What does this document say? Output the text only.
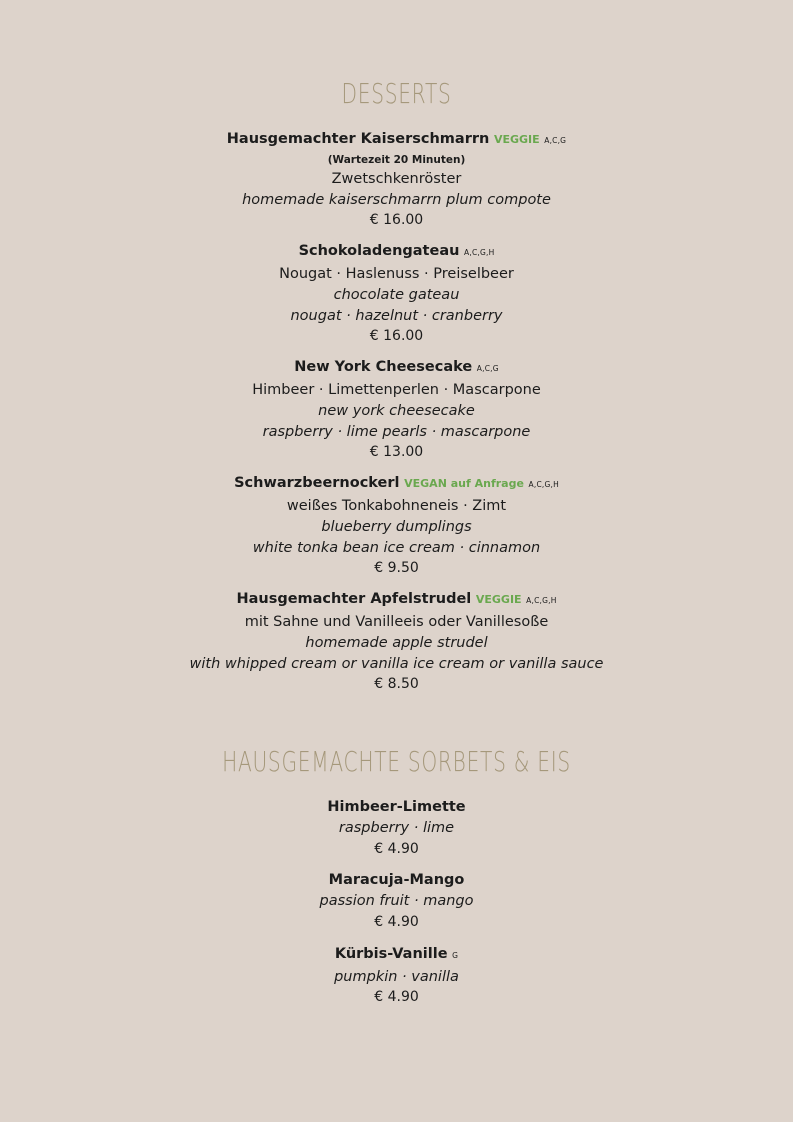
DESSERTS
Hausgemachter Kaiserschmarrn VEGGIE A,C,G
(Wartezeit 20 Minuten)
Zwetschkenröster
homemade kaiserschmarrn plum compote
€ 16.00
Schokoladengateau A,C,G,H
Nougat · Haslenuss · Preiselbeer
chocolate gateau
nougat · hazelnut · cranberry
€ 16.00
New York Cheesecake A,C,G
Himbeer · Limettenperlen · Mascarpone
new york cheesecake
raspberry · lime pearls · mascarpone
€ 13.00
Schwarzbeernockerl VEGAN auf Anfrage A,C,G,H
weißes Tonkabohneneis · Zimt
blueberry dumplings
white tonka bean ice cream · cinnamon
€ 9.50
Hausgemachter Apfelstrudel VEGGIE A,C,G,H
mit Sahne und Vanilleeis oder Vanillesoße
homemade apple strudel
with whipped cream or vanilla ice cream or vanilla sauce
€ 8.50
HAUSGEMACHTE SORBETS & EIS
Himbeer-Limette
raspberry · lime
€ 4.90
Maracuja-Mango
passion fruit · mango
€ 4.90
Kürbis-Vanille G
pumpkin · vanilla
€ 4.90
